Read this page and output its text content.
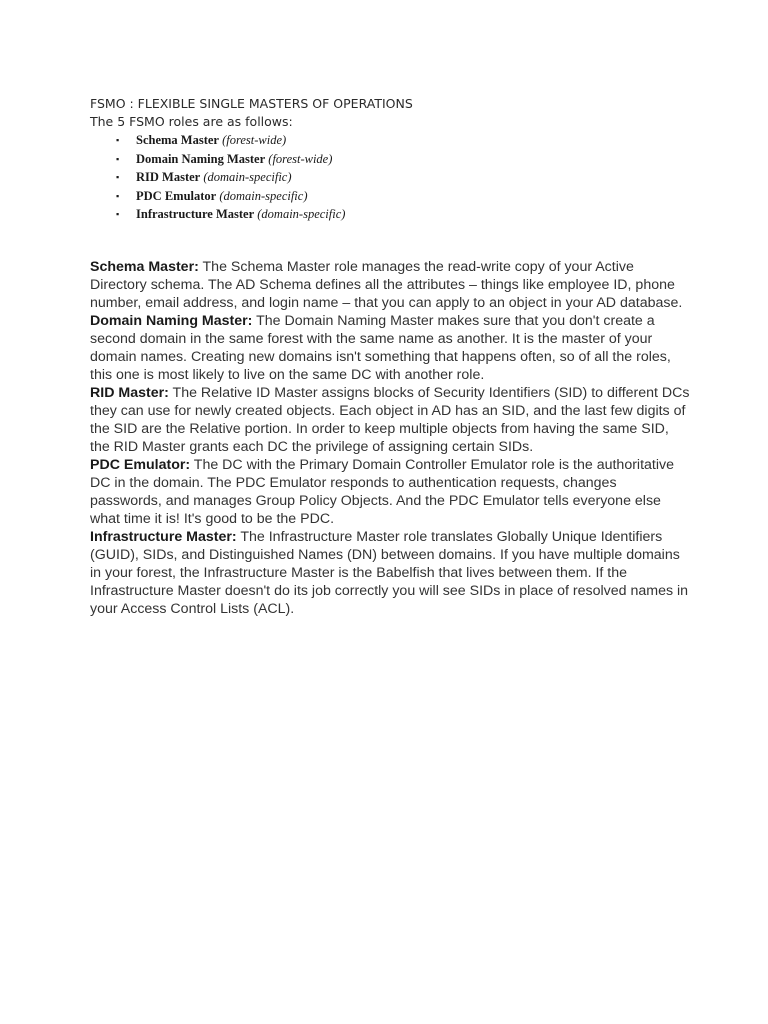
FSMO : FLEXIBLE SINGLE MASTERS OF OPERATIONS

The 5 FSMO roles are as follows:

▪ Schema Master (forest-wide)
▪ Domain Naming Master (forest-wide)
▪ RID Master (domain-specific)
▪ PDC Emulator (domain-specific)
▪ Infrastructure Master (domain-specific)

Schema Master: The Schema Master role manages the read-write copy of your Active Directory schema. The AD Schema defines all the attributes – things like employee ID, phone number, email address, and login name – that you can apply to an object in your AD database.

Domain Naming Master: The Domain Naming Master makes sure that you don't create a second domain in the same forest with the same name as another. It is the master of your domain names. Creating new domains isn't something that happens often, so of all the roles, this one is most likely to live on the same DC with another role.

RID Master: The Relative ID Master assigns blocks of Security Identifiers (SID) to different DCs they can use for newly created objects. Each object in AD has an SID, and the last few digits of the SID are the Relative portion. In order to keep multiple objects from having the same SID, the RID Master grants each DC the privilege of assigning certain SIDs.

PDC Emulator: The DC with the Primary Domain Controller Emulator role is the authoritative DC in the domain. The PDC Emulator responds to authentication requests, changes passwords, and manages Group Policy Objects. And the PDC Emulator tells everyone else what time it is! It's good to be the PDC.

Infrastructure Master: The Infrastructure Master role translates Globally Unique Identifiers (GUID), SIDs, and Distinguished Names (DN) between domains. If you have multiple domains in your forest, the Infrastructure Master is the Babelfish that lives between them. If the Infrastructure Master doesn't do its job correctly you will see SIDs in place of resolved names in your Access Control Lists (ACL).
